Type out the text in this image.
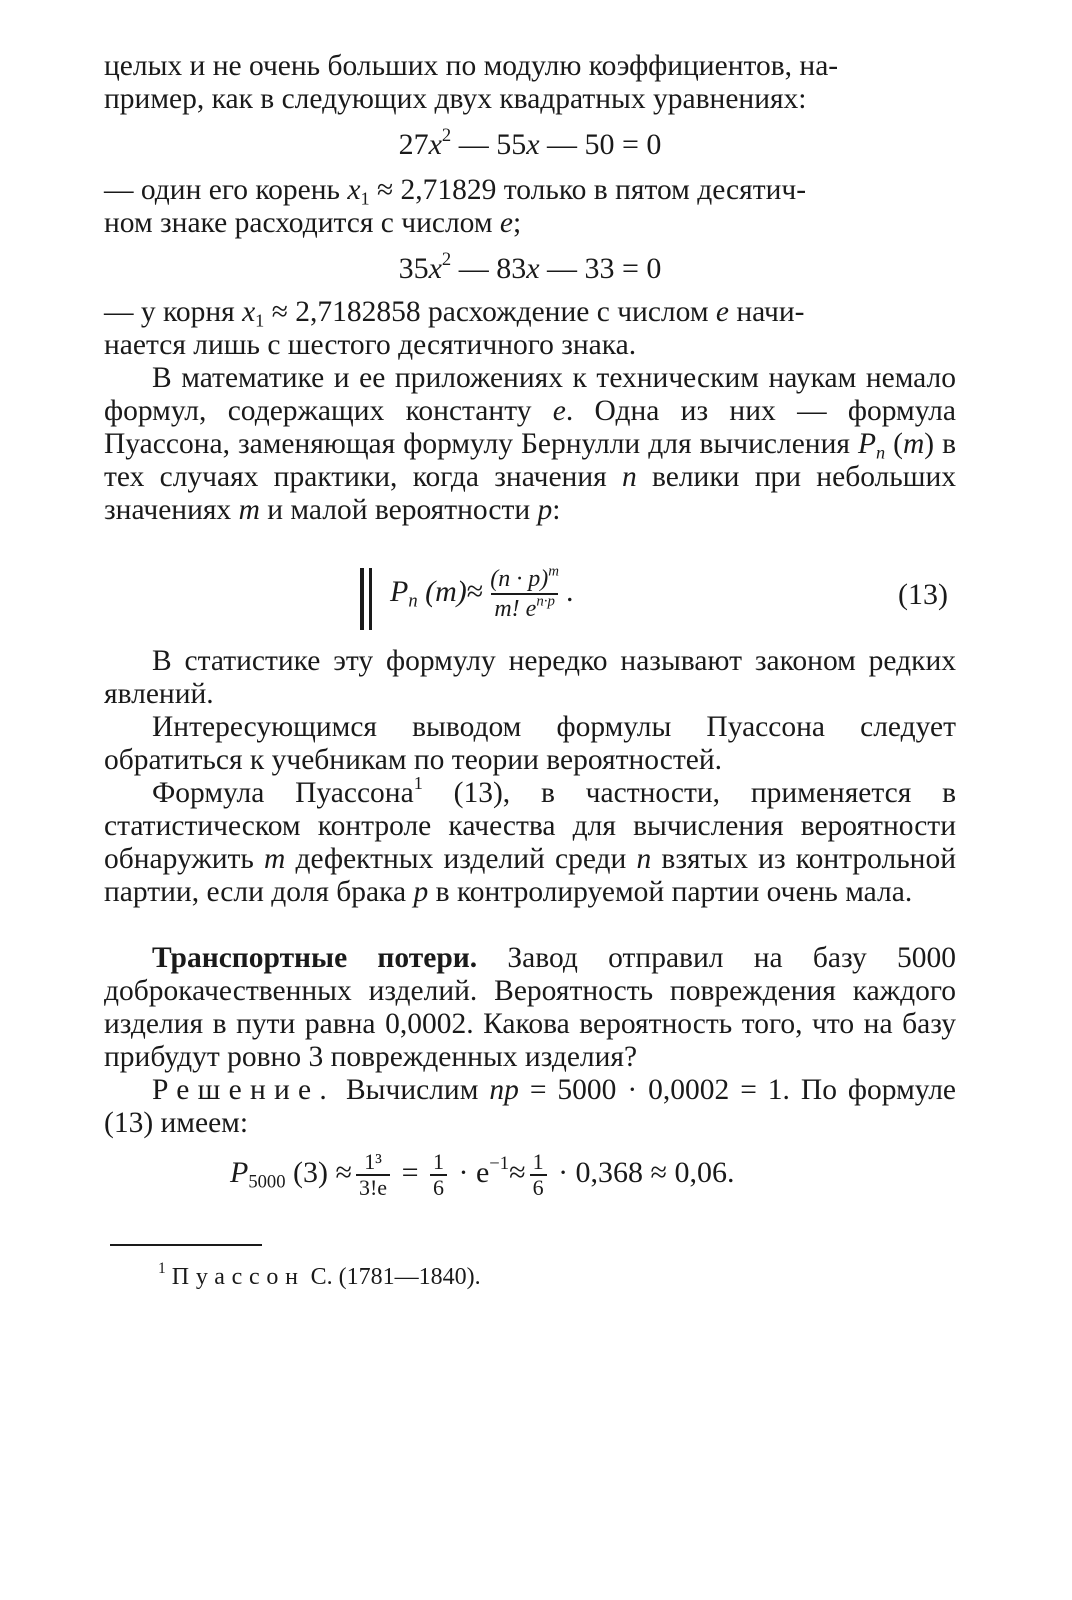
целых и не очень больших по модулю коэффициентов, на-
пример, как в следующих двух квадратных уравнениях:

$27x^2$ — 55x — 50 = 0

— один его корень $x_1 \approx 2,71829$ только в пятом десятич-
ном знаке расходится с числом e;

$35x^2$ — 83x — 33 = 0

— у корня $x_1 \approx 2,7182858$ расхождение с числом e начи-
нается лишь с шестого десятичного знака.

В математике и ее приложениях к техническим наукам немало формул, содержащих константу e. Одна из них — формула Пуассона, заменяющая формулу Бернулли для вычисления $P_n$ (m) в тех случаях практики, когда значения n велики при небольших значениях m и малой вероятности p:

$P_n$ $(m)\approx \frac{(n \cdot p)^m}{m! e^{n\cdot p}}$ .	(13)

В статистике эту формулу нередко называют законом редких явлений.

Интересующимся выводом формулы Пуассона следует обратиться к учебникам по теории вероятностей.

Формула Пуассона$^1$ (13), в частности, применяется в статистическом контроле качества для вычисления вероятности обнаружить m дефектных изделий среди n взятых из контрольной партии, если доля брака p в контролируемой партии очень мала.

Транспортные потери. Завод отправил на базу 5000 доброкачественных изделий. Вероятность повреждения каждого изделия в пути равна 0,0002. Какова вероятность того, что на базу прибудут ровно 3 поврежденных изделия?

Решение. Вычислим np = 5000 · 0,0002 = 1. По формуле (13) имеем:

$P_{5000}$ $(3) \approx \frac{\text{1³}}{3!e} = \frac{1}{6} \cdot e^{-1}\approx \frac{1}{6} \cdot 0,368 \approx 0,06$.

$^1$ Пуассон С. (1781—1840).
